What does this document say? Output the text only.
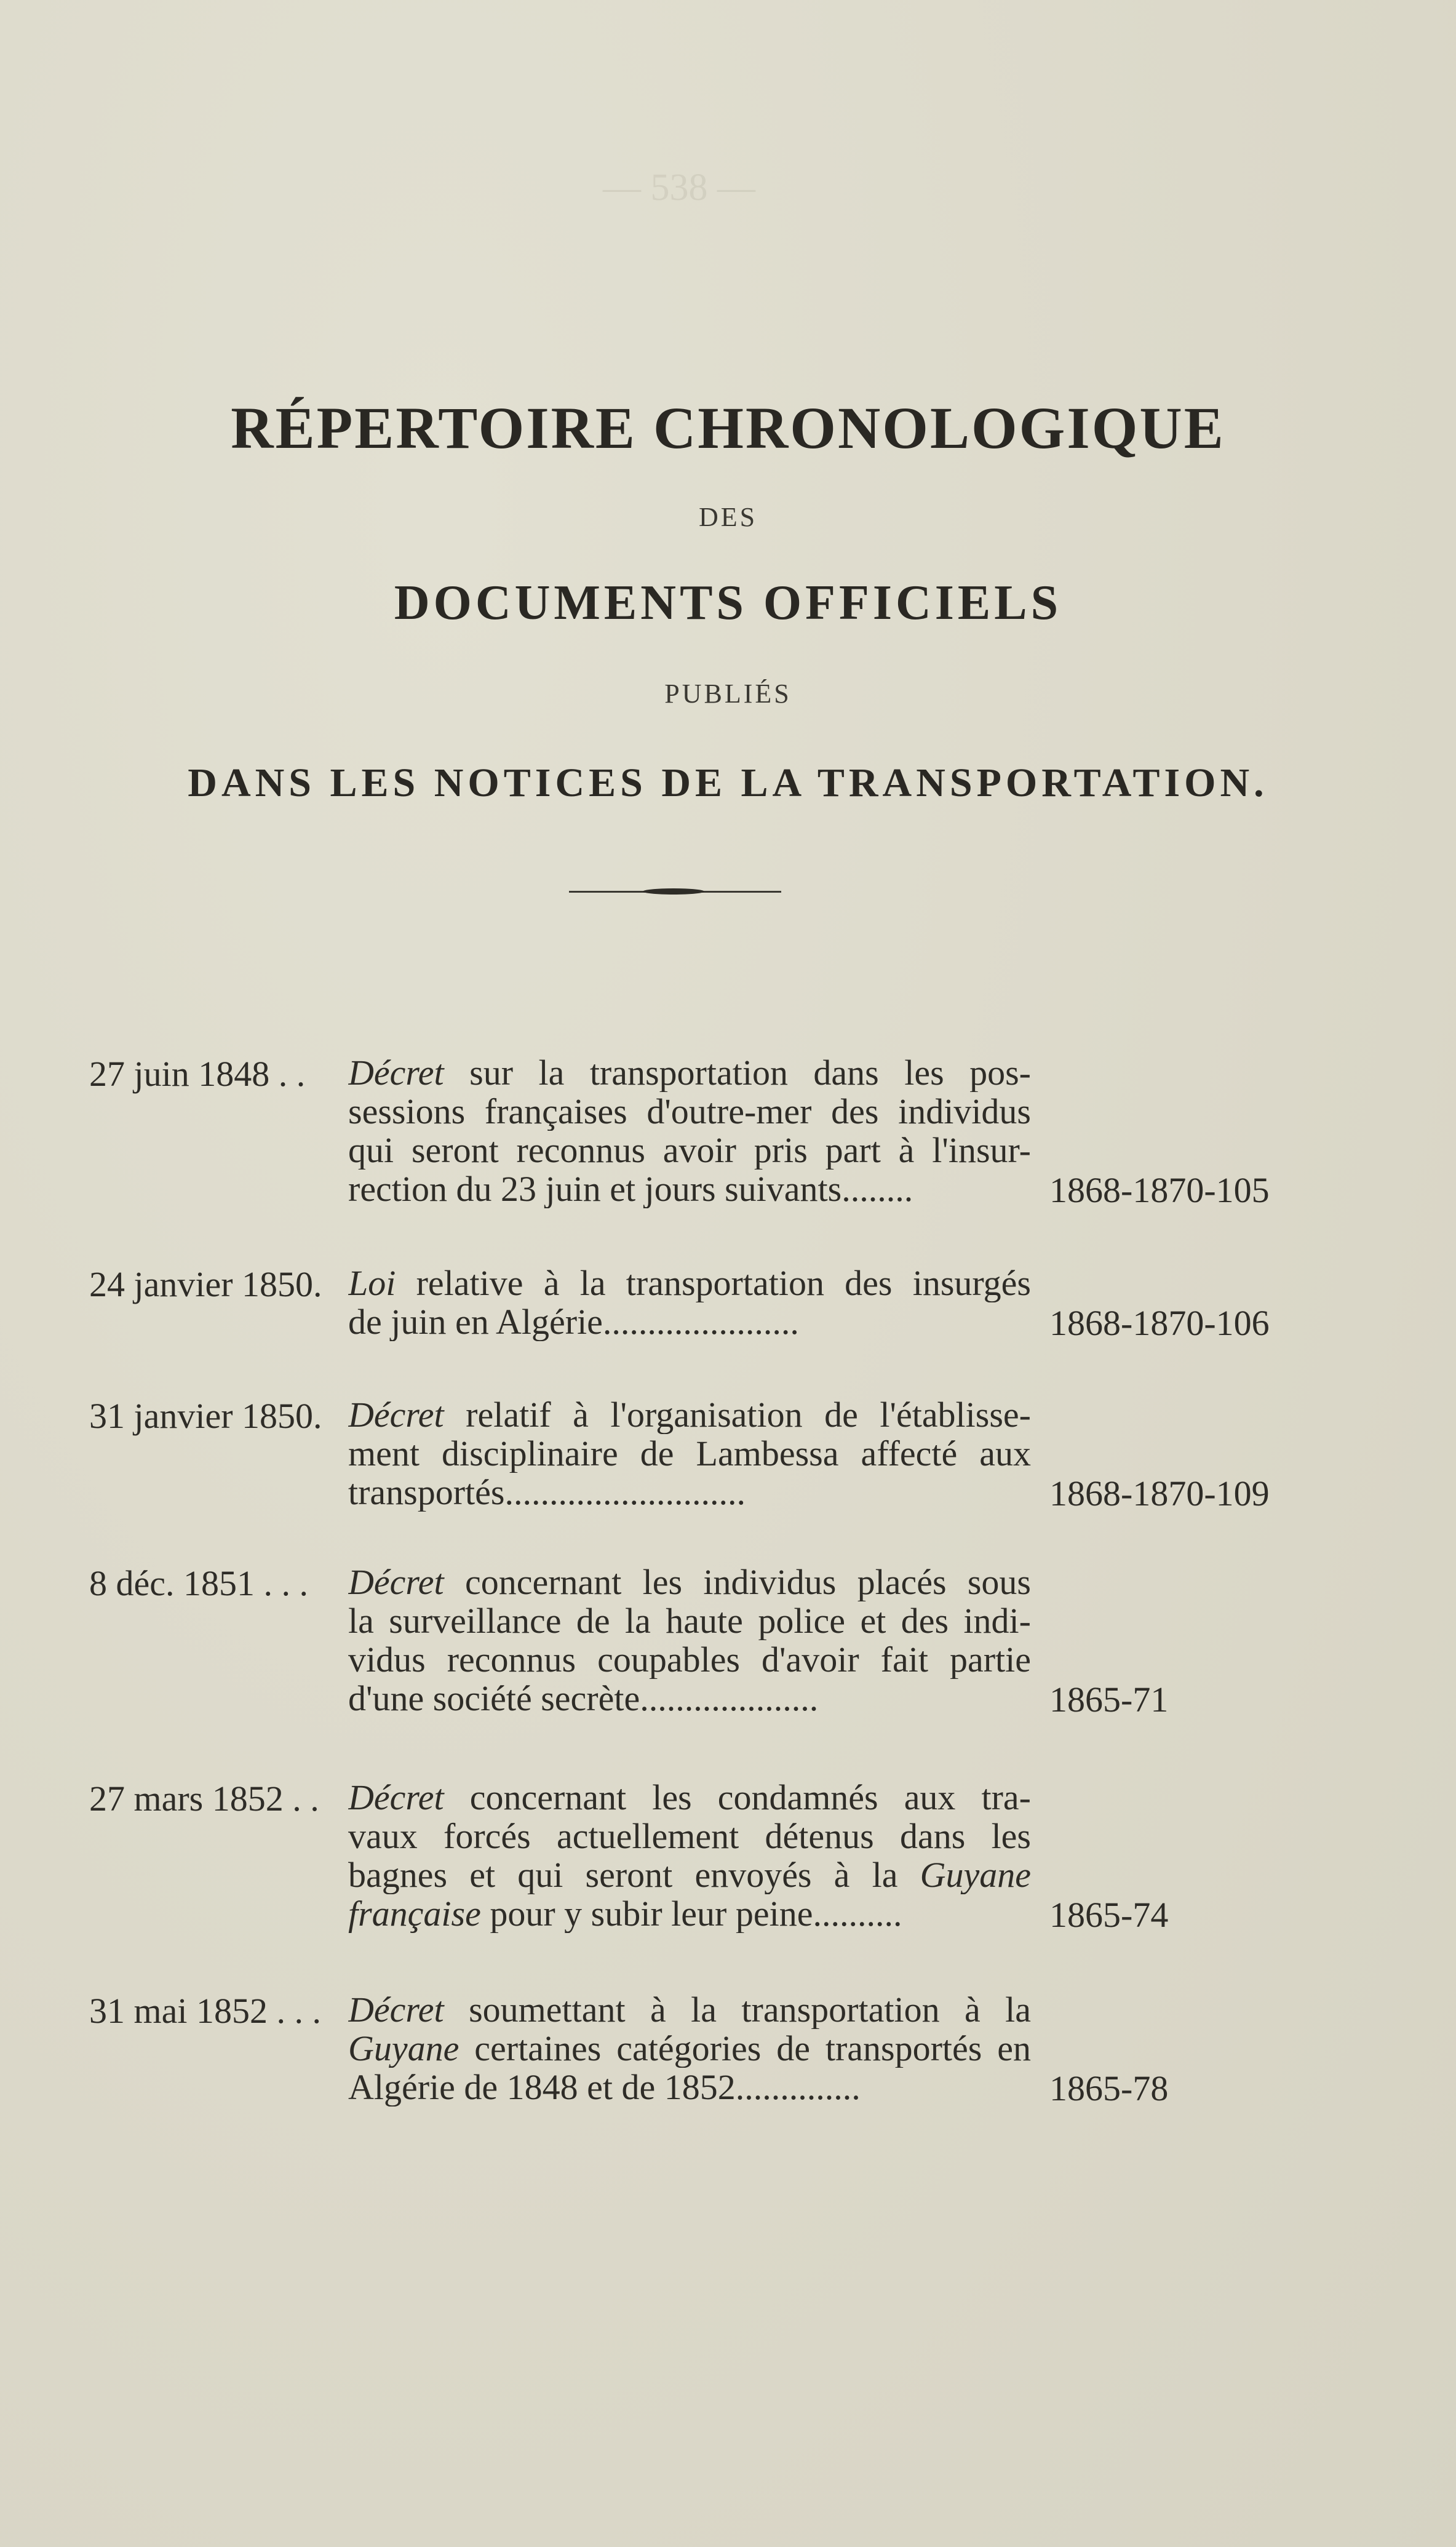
— 538 —
RÉPERTOIRE CHRONOLOGIQUE
DES
DOCUMENTS OFFICIELS
PUBLIÉS
DANS LES NOTICES DE LA TRANSPORTATION.
27 juin 1848 . . Décret sur la transportation dans les pos-
sessions françaises d'outre-mer des individus
qui seront reconnus avoir pris part à l'insur-
rection du 23 juin et jours suivants........	1868-1870-105
24 janvier 1850. Loi relative à la transportation des insurgés
de juin en Algérie......................	1868-1870-106
31 janvier 1850. Décret relatif à l'organisation de l'établisse-
ment disciplinaire de Lambessa affecté aux
transportés...........................	1868-1870-109
8 déc. 1851 . . . Décret concernant les individus placés sous
la surveillance de la haute police et des indi-
vidus reconnus coupables d'avoir fait partie
d'une société secrète....................	1865-71
27 mars 1852 . . Décret concernant les condamnés aux tra-
vaux forcés actuellement détenus dans les
bagnes et qui seront envoyés à la Guyane
française pour y subir leur peine..........	1865-74
31 mai 1852 . . . Décret soumettant à la transportation à la
Guyane certaines catégories de transportés en
Algérie de 1848 et de 1852..............	1865-78
